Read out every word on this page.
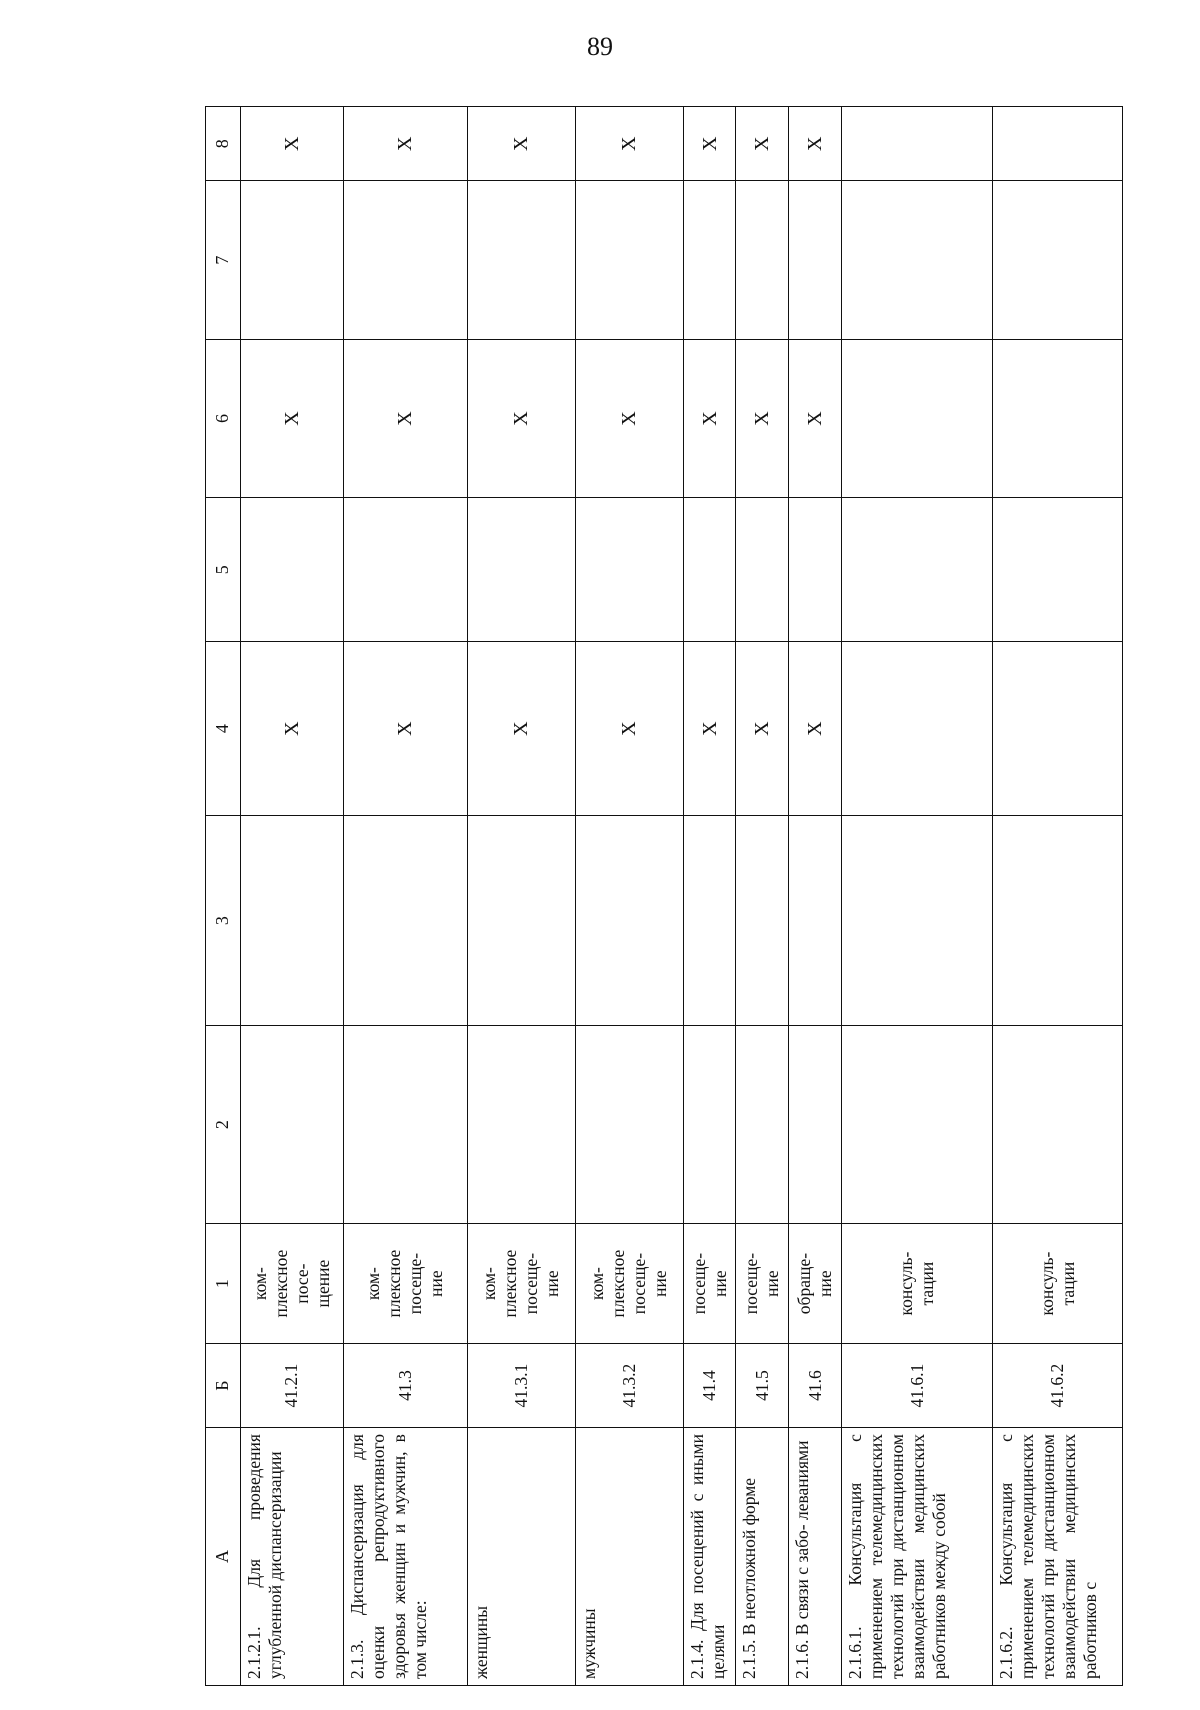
89
А	Б	1	2	3	4	5	6	7	8
2.1.2.1. Для проведения углубленной диспансеризации	41.2.1	ком-
плексное
посе-
щение			X		X		X
2.1.3. Диспансеризация для оценки репродуктивного здоровья женщин и мужчин, в том числе:	41.3	ком-
плексное
посеще-
ние			X		X		X
женщины	41.3.1	ком-
плексное
посеще-
ние			X		X		X
мужчины	41.3.2	ком-
плексное
посеще-
ние			X		X		X
2.1.4. Для посещений с иными целями	41.4	посеще-
ние			X		X		X
2.1.5. В неотложной форме	41.5	посеще-
ние			X		X		X
2.1.6. В связи с забо- леваниями	41.6	обраще-
ние			X		X		X
2.1.6.1. Консультация с применением телемедицинских технологий при дистанционном взаимодействии медицинских работников между собой	41.6.1	консуль-
тации							
2.1.6.2. Консультация с применением телемедицинских технологий при дистанционном взаимодействии медицинских работников с	41.6.2	консуль-
тации							
